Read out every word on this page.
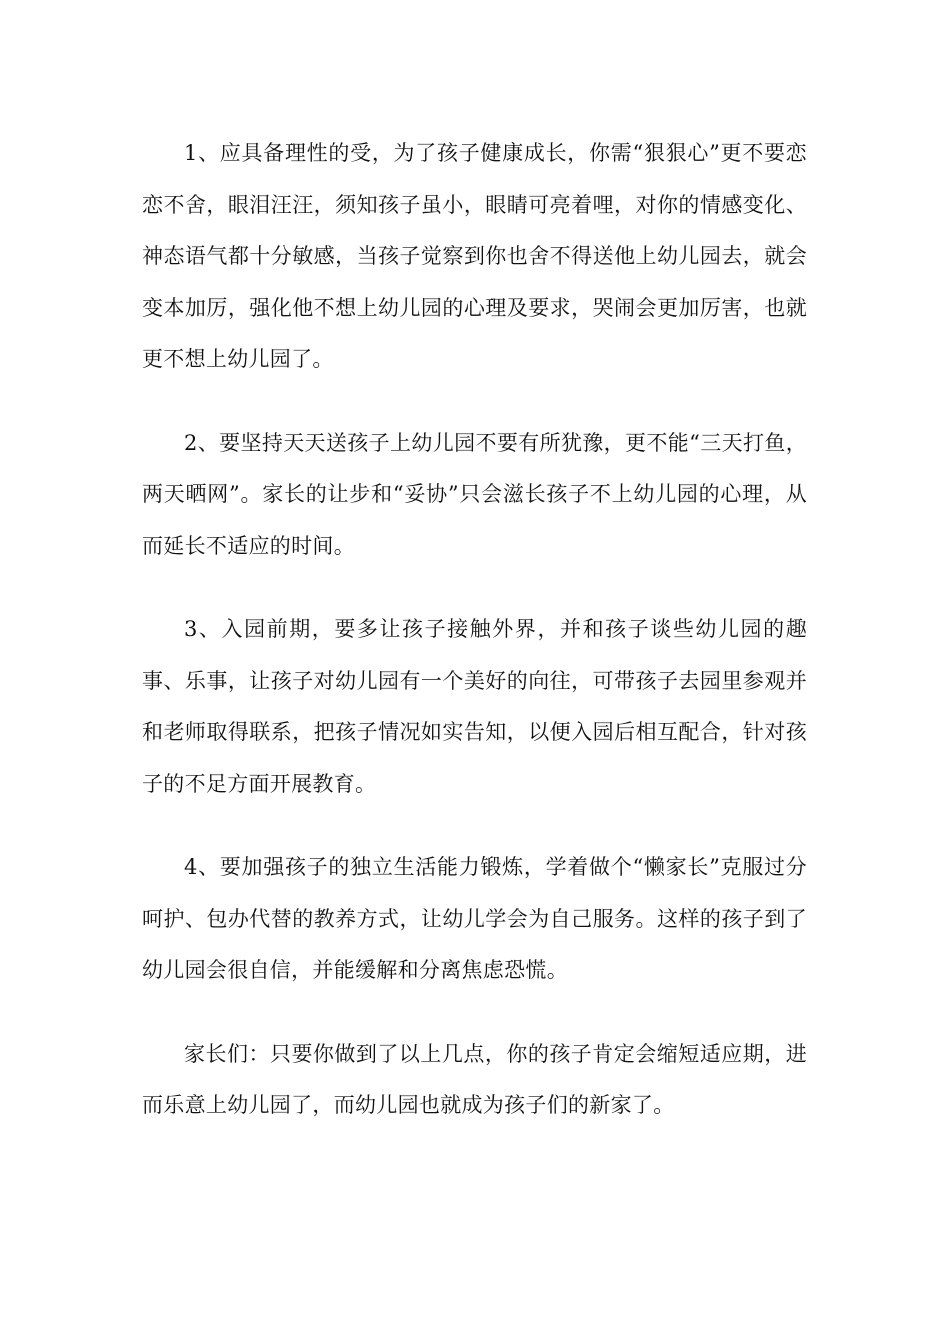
1、应具备理性的受，为了孩子健康成长，你需“狠狠心”更不要恋恋不舍，眼泪汪汪，须知孩子虽小，眼睛可亮着哩，对你的情感变化、神态语气都十分敏感，当孩子觉察到你也舍不得送他上幼儿园去，就会变本加厉，强化他不想上幼儿园的心理及要求，哭闹会更加厉害，也就更不想上幼儿园了。

2、要坚持天天送孩子上幼儿园不要有所犹豫，更不能“三天打鱼，两天晒网”。家长的让步和“妥协”只会滋长孩子不上幼儿园的心理，从而延长不适应的时间。

3、入园前期，要多让孩子接触外界，并和孩子谈些幼儿园的趣事、乐事，让孩子对幼儿园有一个美好的向往，可带孩子去园里参观并和老师取得联系，把孩子情况如实告知，以便入园后相互配合，针对孩子的不足方面开展教育。

4、要加强孩子的独立生活能力锻炼，学着做个“懒家长”克服过分呵护、包办代替的教养方式，让幼儿学会为自己服务。这样的孩子到了幼儿园会很自信，并能缓解和分离焦虑恐慌。

家长们：只要你做到了以上几点，你的孩子肯定会缩短适应期，进而乐意上幼儿园了，而幼儿园也就成为孩子们的新家了。
